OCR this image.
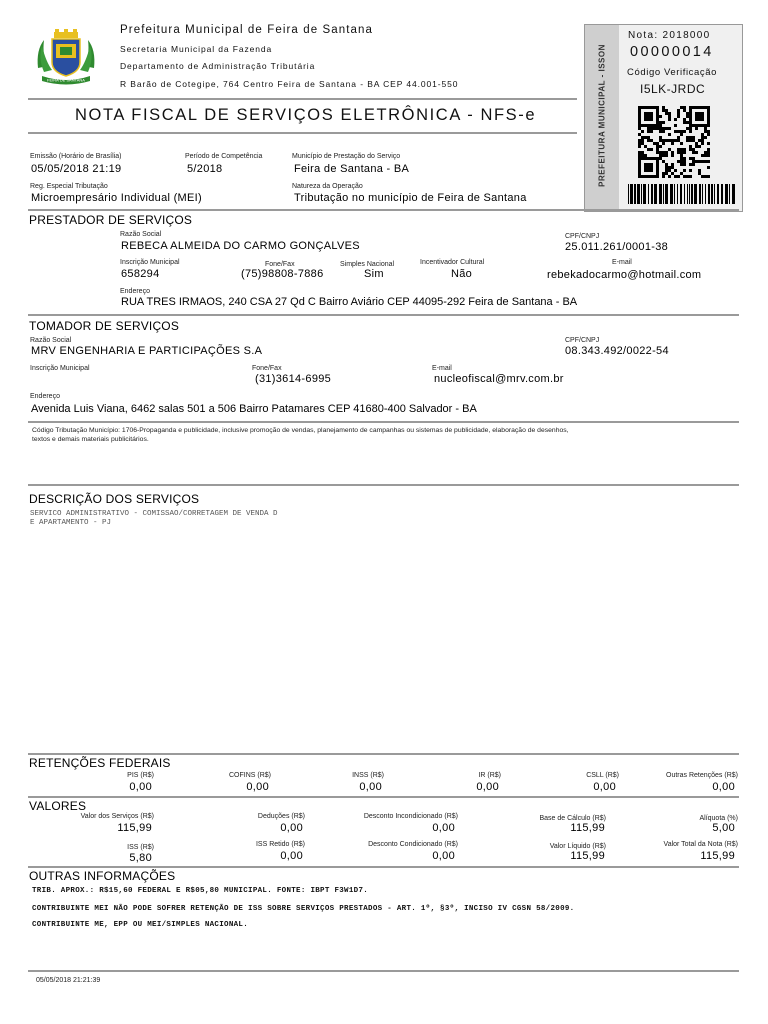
FEIRA DE SANTANA
Prefeitura Municipal de Feira de Santana
Secretaria Municipal da Fazenda
Departamento de Administração Tributária
R Barão de Cotegipe, 764 Centro Feira de Santana - BA CEP 44.001-550
NOTA FISCAL DE SERVIÇOS ELETRÔNICA - NFS-e	PREFEITURA MUNICIPAL - ISSON
Nota: 2018000
00000014
Código Verificação
I5LK-JRDC
Emissão (Horário de Brasília)
05/05/2018 21:19
Período de Competência
5/2018
Município de Prestação do Serviço
Feira de Santana - BA
Reg. Especial Tributação
Microempresário Individual (MEI)
Natureza da Operação
Tributação no município de Feira de Santana
PRESTADOR DE SERVIÇOS
Razão Social
REBECA ALMEIDA DO CARMO GONÇALVES
CPF/CNPJ
25.011.261/0001-38
Inscrição Municipal
658294
Fone/Fax
(75)98808-7886
Simples Nacional
Sim
Incentivador Cultural
Não
E-mail
rebekadocarmo@hotmail.com
Endereço
RUA TRES IRMAOS, 240 CSA 27 Qd C Bairro Aviário CEP 44095-292 Feira de Santana - BA
TOMADOR DE SERVIÇOS
Razão Social
MRV ENGENHARIA E PARTICIPAÇÕES S.A
CPF/CNPJ
08.343.492/0022-54
Inscrição Municipal	Fone/Fax
(31)3614-6995
E-mail
nucleofiscal@mrv.com.br
Endereço
Avenida Luis Viana, 6462 salas 501 a 506 Bairro Patamares CEP 41680-400 Salvador - BA
Código Tributação Município: 1706-Propaganda e publicidade, inclusive promoção de vendas, planejamento de campanhas ou sistemas de publicidade, elaboração de desenhos,
textos e demais materiais publicitários.
DESCRIÇÃO DOS SERVIÇOS
SERVICO ADMINISTRATIVO - COMISSAO/CORRETAGEM DE VENDA D
E APARTAMENTO - PJ
RETENÇÕES FEDERAIS
PIS (R$)
0,00
COFINS (R$)
0,00
INSS (R$)
0,00
IR (R$)
0,00
CSLL (R$)
0,00
Outras Retenções (R$)
0,00
VALORES
Valor dos Serviços (R$)
115,99
Deduções (R$)
0,00
Desconto Incondicionado (R$)
0,00
Base de Cálculo (R$)
115,99
Alíquota (%)
5,00
ISS (R$)
5,80
ISS Retido (R$)
0,00
Desconto Condicionado (R$)
0,00
Valor Líquido (R$)
115,99
Valor Total da Nota (R$)
115,99
OUTRAS INFORMAÇÕES
TRIB. APROX.: R$15,60 FEDERAL E R$05,80 MUNICIPAL. FONTE: IBPT F3W1D7.
CONTRIBUINTE MEI NÃO PODE SOFRER RETENÇÃO DE ISS SOBRE SERVIÇOS PRESTADOS - ART. 1º, §3º, INCISO IV CGSN 58/2009.
CONTRIBUINTE ME, EPP OU MEI/SIMPLES NACIONAL.
05/05/2018 21:21:39
